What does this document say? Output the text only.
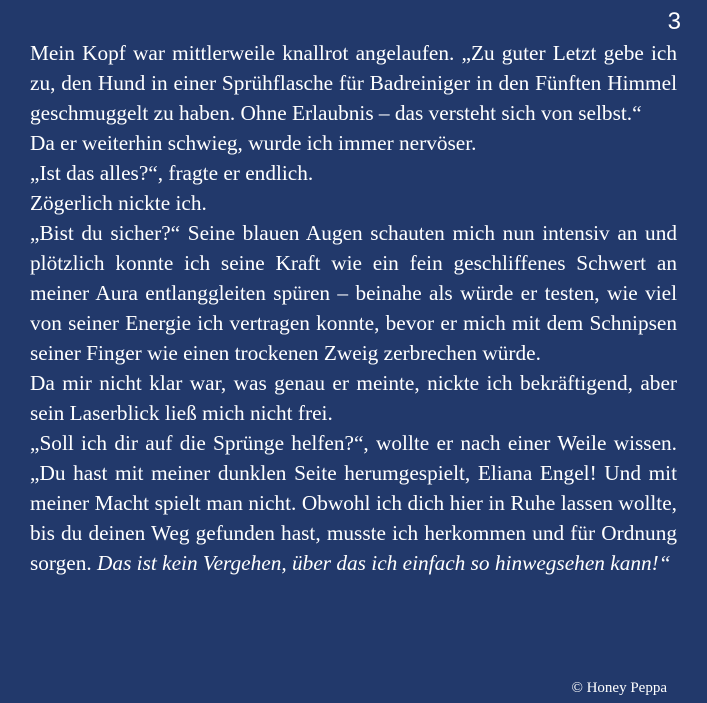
3

Mein Kopf war mittlerweile knallrot angelaufen. „Zu guter Letzt gebe ich zu, den Hund in einer Sprühflasche für Badreiniger in den Fünften Himmel geschmuggelt zu haben. Ohne Erlaubnis – das versteht sich von selbst.“

Da er weiterhin schwieg, wurde ich immer nervöser.

„Ist das alles?“, fragte er endlich.

Zögerlich nickte ich.

„Bist du sicher?“ Seine blauen Augen schauten mich nun intensiv an und plötzlich konnte ich seine Kraft wie ein fein geschliffenes Schwert an meiner Aura entlanggleiten spüren – beinahe als würde er testen, wie viel von seiner Energie ich vertragen konnte, bevor er mich mit dem Schnipsen seiner Finger wie einen trockenen Zweig zerbrechen würde.

Da mir nicht klar war, was genau er meinte, nickte ich bekräftigend, aber sein Laserblick ließ mich nicht frei.

„Soll ich dir auf die Sprünge helfen?“, wollte er nach einer Weile wissen. „Du hast mit meiner dunklen Seite herumgespielt, Eliana Engel! Und mit meiner Macht spielt man nicht. Obwohl ich dich hier in Ruhe lassen wollte, bis du deinen Weg gefunden hast, musste ich herkommen und für Ordnung sorgen. Das ist kein Vergehen, über das ich einfach so hinwegsehen kann!“

© Honey Peppa
